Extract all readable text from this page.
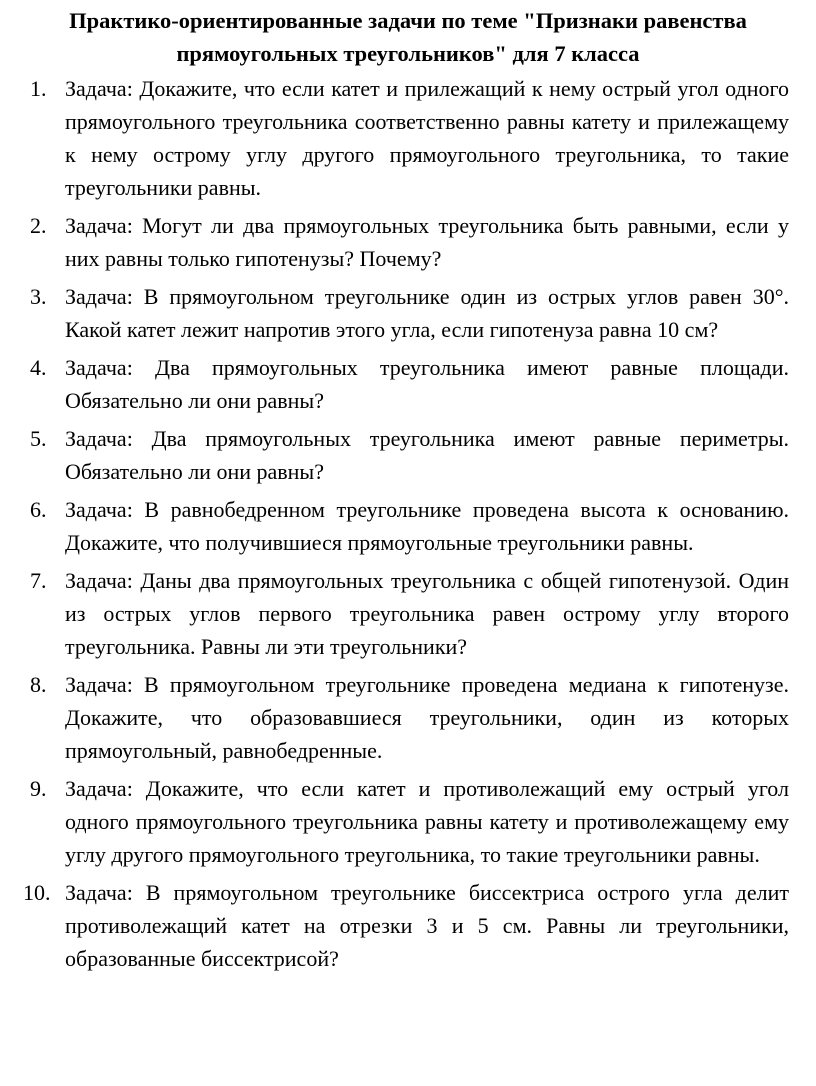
Практико-ориентированные задачи по теме "Признаки равенства
прямоугольных треугольников" для 7 класса
1. Задача: Докажите, что если катет и прилежащий к нему острый угол одного прямоугольного треугольника соответственно равны катету и прилежащему к нему острому углу другого прямоугольного треугольника, то такие треугольники равны.
2. Задача: Могут ли два прямоугольных треугольника быть равными, если у них равны только гипотенузы? Почему?
3. Задача: В прямоугольном треугольнике один из острых углов равен 30°. Какой катет лежит напротив этого угла, если гипотенуза равна 10 см?
4. Задача: Два прямоугольных треугольника имеют равные площади. Обязательно ли они равны?
5. Задача: Два прямоугольных треугольника имеют равные периметры. Обязательно ли они равны?
6. Задача: В равнобедренном треугольнике проведена высота к основанию. Докажите, что получившиеся прямоугольные треугольники равны.
7. Задача: Даны два прямоугольных треугольника с общей гипотенузой. Один из острых углов первого треугольника равен острому углу второго треугольника. Равны ли эти треугольники?
8. Задача: В прямоугольном треугольнике проведена медиана к гипотенузе. Докажите, что образовавшиеся треугольники, один из которых прямоугольный, равнобедренные.
9. Задача: Докажите, что если катет и противолежащий ему острый угол одного прямоугольного треугольника равны катету и противолежащему ему углу другого прямоугольного треугольника, то такие треугольники равны.
10. Задача: В прямоугольном треугольнике биссектриса острого угла делит противолежащий катет на отрезки 3 и 5 см. Равны ли треугольники, образованные биссектрисой?
